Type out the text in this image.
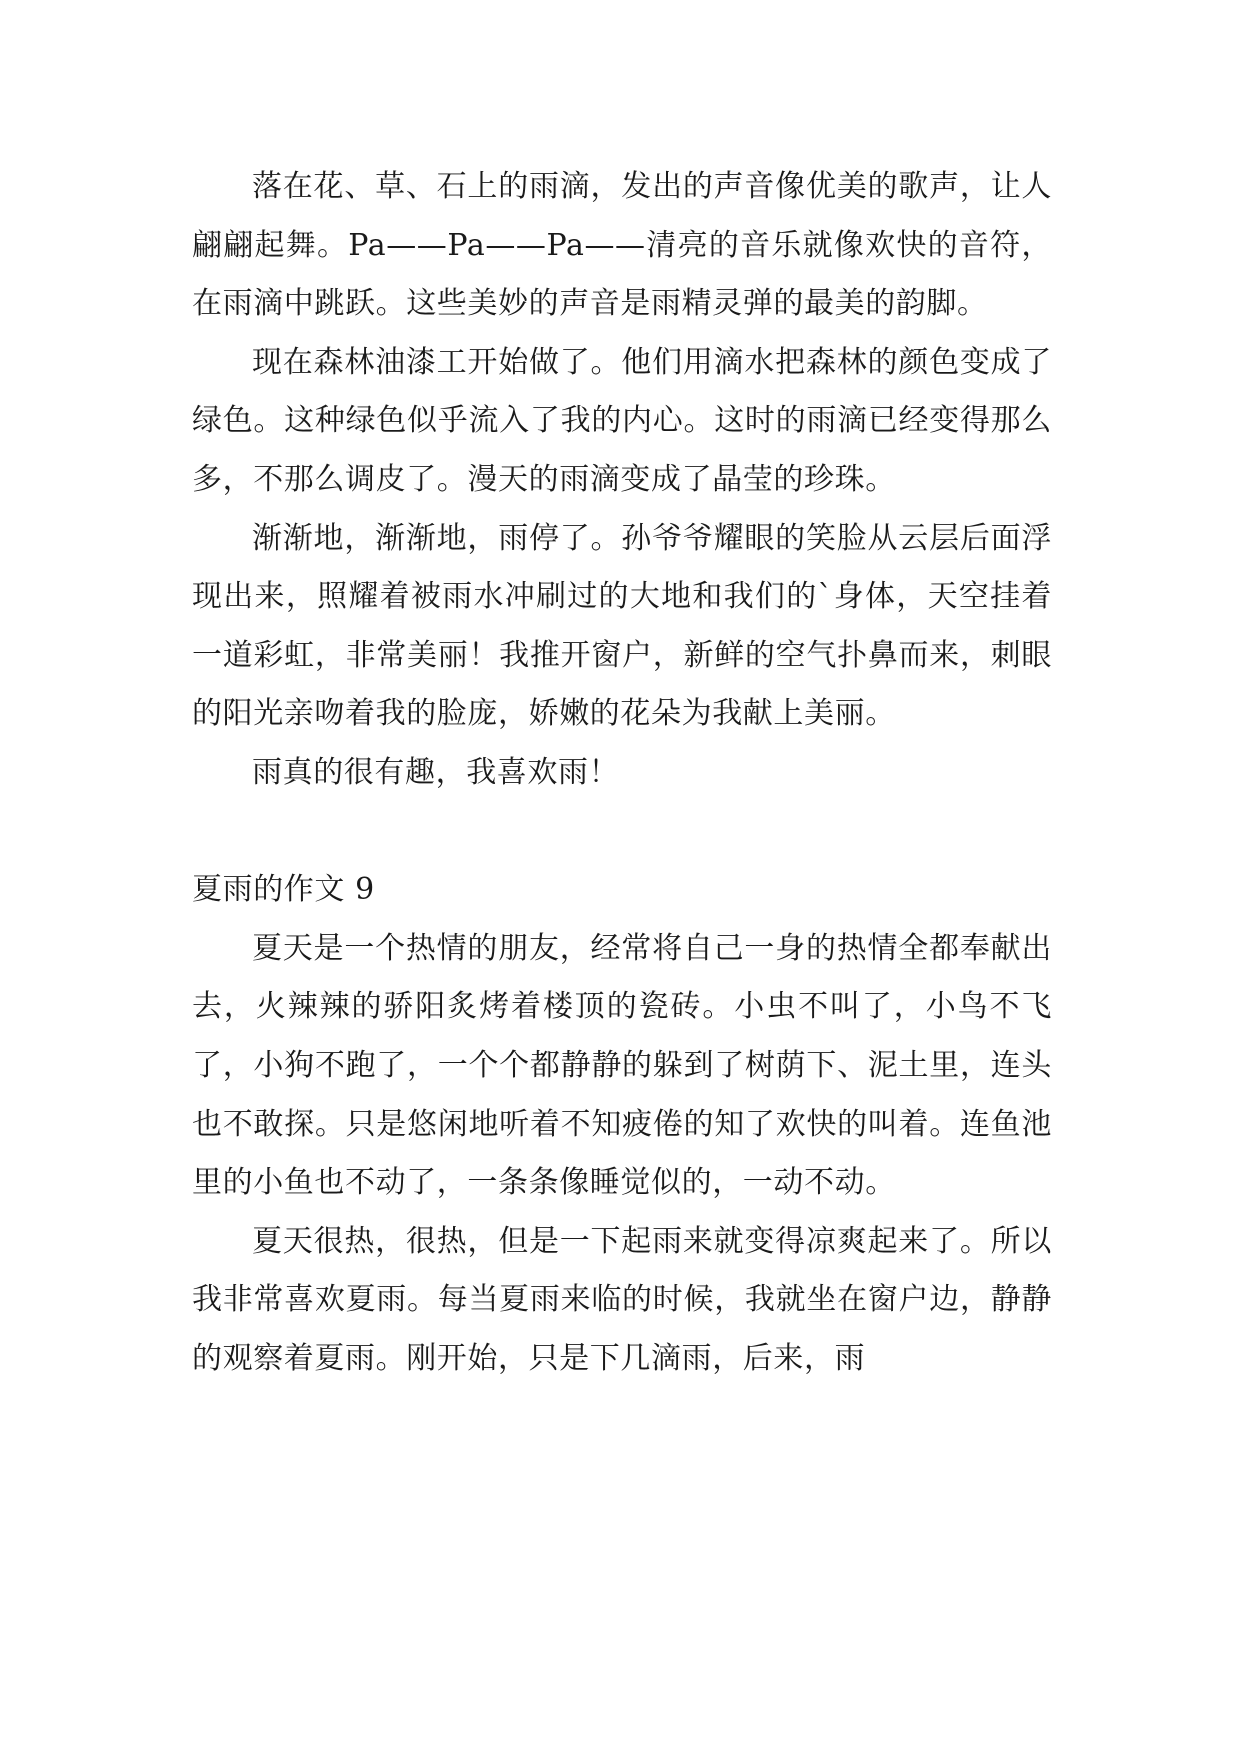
落在花、草、石上的雨滴，发出的声音像优美的歌声，让人翩翩起舞。Pa——Pa——Pa——清亮的音乐就像欢快的音符，在雨滴中跳跃。这些美妙的声音是雨精灵弹的最美的韵脚。

现在森林油漆工开始做了。他们用滴水把森林的颜色变成了绿色。这种绿色似乎流入了我的内心。这时的雨滴已经变得那么多，不那么调皮了。漫天的雨滴变成了晶莹的珍珠。

渐渐地，渐渐地，雨停了。孙爷爷耀眼的笑脸从云层后面浮现出来，照耀着被雨水冲刷过的大地和我们的`身体，天空挂着一道彩虹，非常美丽！我推开窗户，新鲜的空气扑鼻而来，刺眼的阳光亲吻着我的脸庞，娇嫩的花朵为我献上美丽。

雨真的很有趣，我喜欢雨！

夏雨的作文 9

夏天是一个热情的朋友，经常将自己一身的热情全都奉献出去，火辣辣的骄阳炙烤着楼顶的瓷砖。小虫不叫了，小鸟不飞了，小狗不跑了，一个个都静静的躲到了树荫下、泥土里，连头也不敢探。只是悠闲地听着不知疲倦的知了欢快的叫着。连鱼池里的小鱼也不动了，一条条像睡觉似的，一动不动。

夏天很热，很热，但是一下起雨来就变得凉爽起来了。所以我非常喜欢夏雨。每当夏雨来临的时候，我就坐在窗户边，静静的观察着夏雨。刚开始，只是下几滴雨，后来，雨
